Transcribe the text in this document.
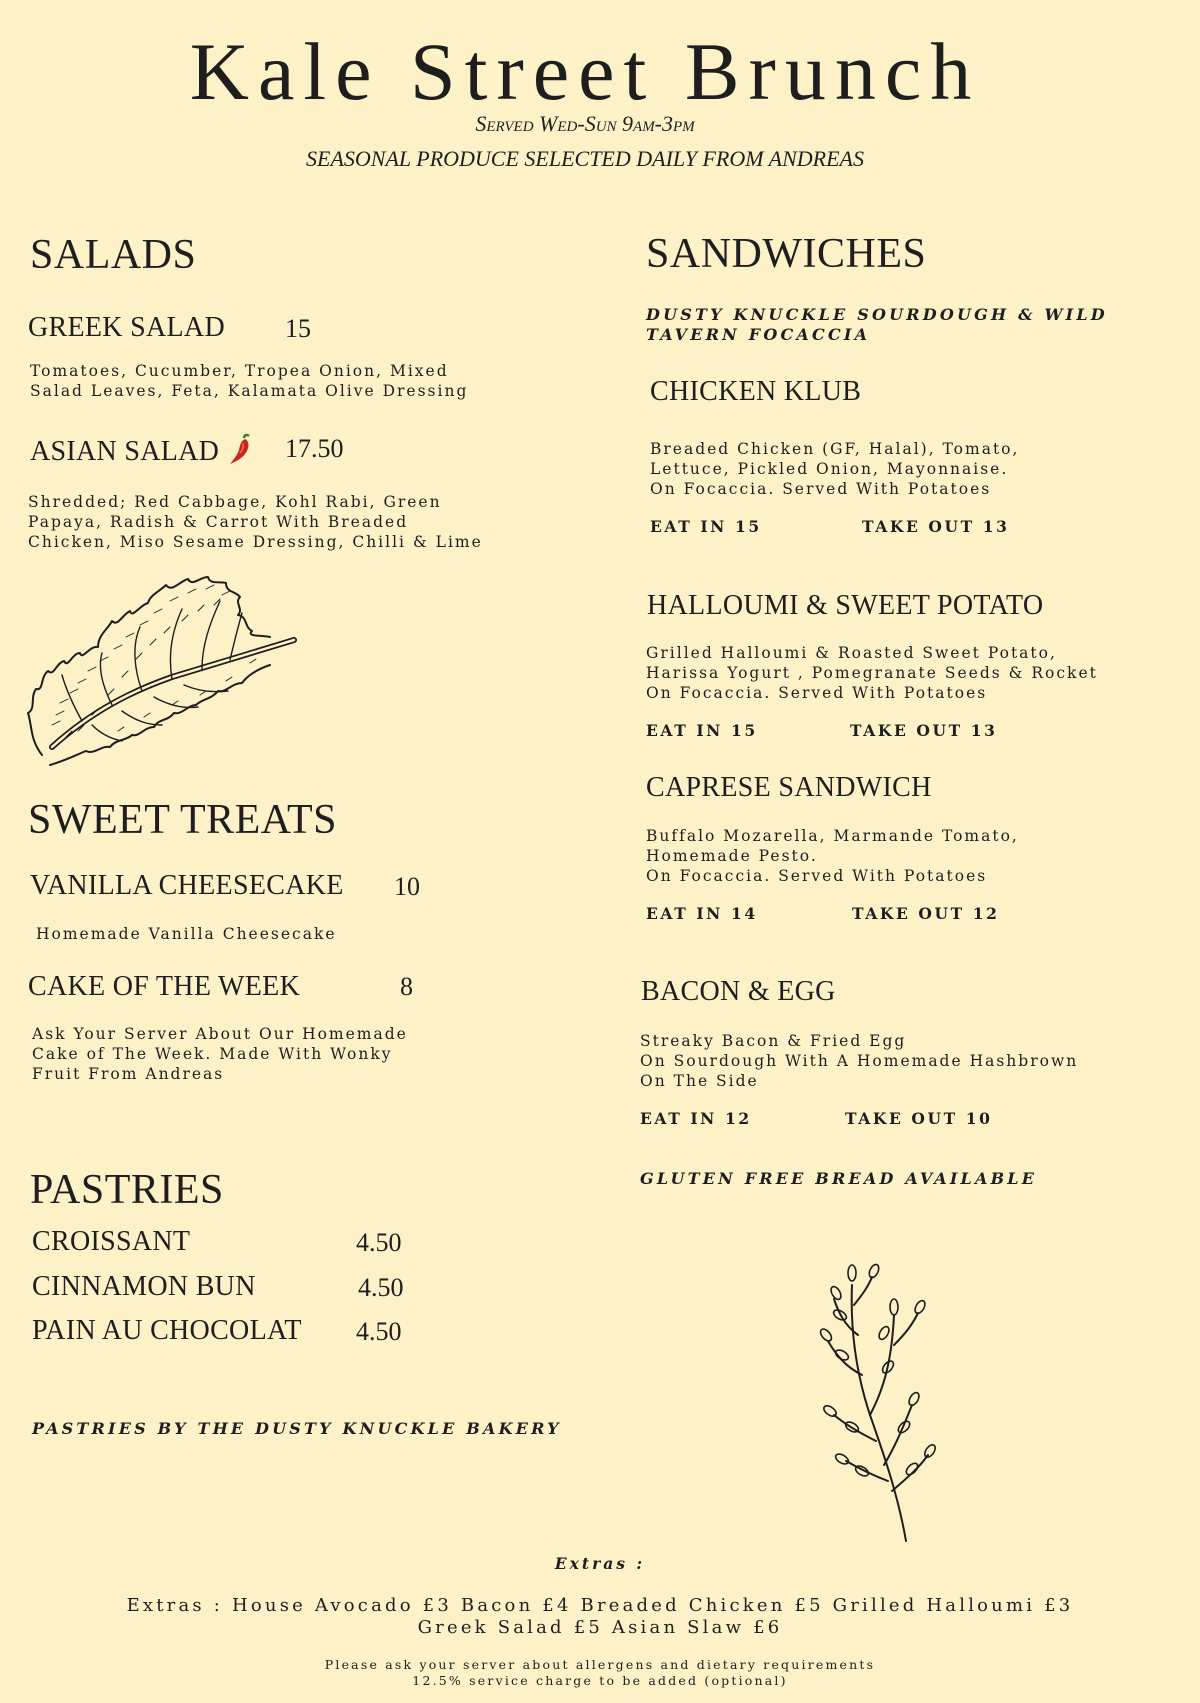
Kale Street Brunch
Served Wed-Sun 9am-3pm
SEASONAL PRODUCE SELECTED DAILY FROM ANDREAS
SALADS
GREEK SALAD 15
Tomatoes, Cucumber, Tropea Onion, Mixed
Salad Leaves, Feta, Kalamata Olive Dressing
ASIAN SALAD	17.50
Shredded; Red Cabbage, Kohl Rabi, Green
Papaya, Radish & Carrot With Breaded
Chicken, Miso Sesame Dressing, Chilli & Lime
SWEET TREATS
VANILLA CHEESECAKE 10
Homemade Vanilla Cheesecake
CAKE OF THE WEEK	8
Ask Your Server About Our Homemade
Cake of The Week. Made With Wonky
Fruit From Andreas
PASTRIES
CROISSANT	4.50
CINNAMON BUN	4.50
PAIN AU CHOCOLAT 4.50
PASTRIES BY THE DUSTY KNUCKLE BAKERY
SANDWICHES
DUSTY KNUCKLE SOURDOUGH & WILD
TAVERN FOCACCIA
CHICKEN KLUB
Breaded Chicken (GF, Halal), Tomato,
Lettuce, Pickled Onion, Mayonnaise.
On Focaccia. Served With Potatoes
EAT IN 15	TAKE OUT 13
HALLOUMI & SWEET POTATO
Grilled Halloumi & Roasted Sweet Potato,
Harissa Yogurt , Pomegranate Seeds & Rocket
On Focaccia. Served With Potatoes
EAT IN 15	TAKE OUT 13
CAPRESE SANDWICH
Buffalo Mozarella, Marmande Tomato,
Homemade Pesto.
On Focaccia. Served With Potatoes
EAT IN 14	TAKE OUT 12
BACON & EGG
Streaky Bacon & Fried Egg
On Sourdough With A Homemade Hashbrown
On The Side
EAT IN 12	TAKE OUT 10
GLUTEN FREE BREAD AVAILABLE
Extras :
Extras : House Avocado £3 Bacon £4 Breaded Chicken £5 Grilled Halloumi £3
Greek Salad £5 Asian Slaw £6
Please ask your server about allergens and dietary requirements
12.5% service charge to be added (optional)
